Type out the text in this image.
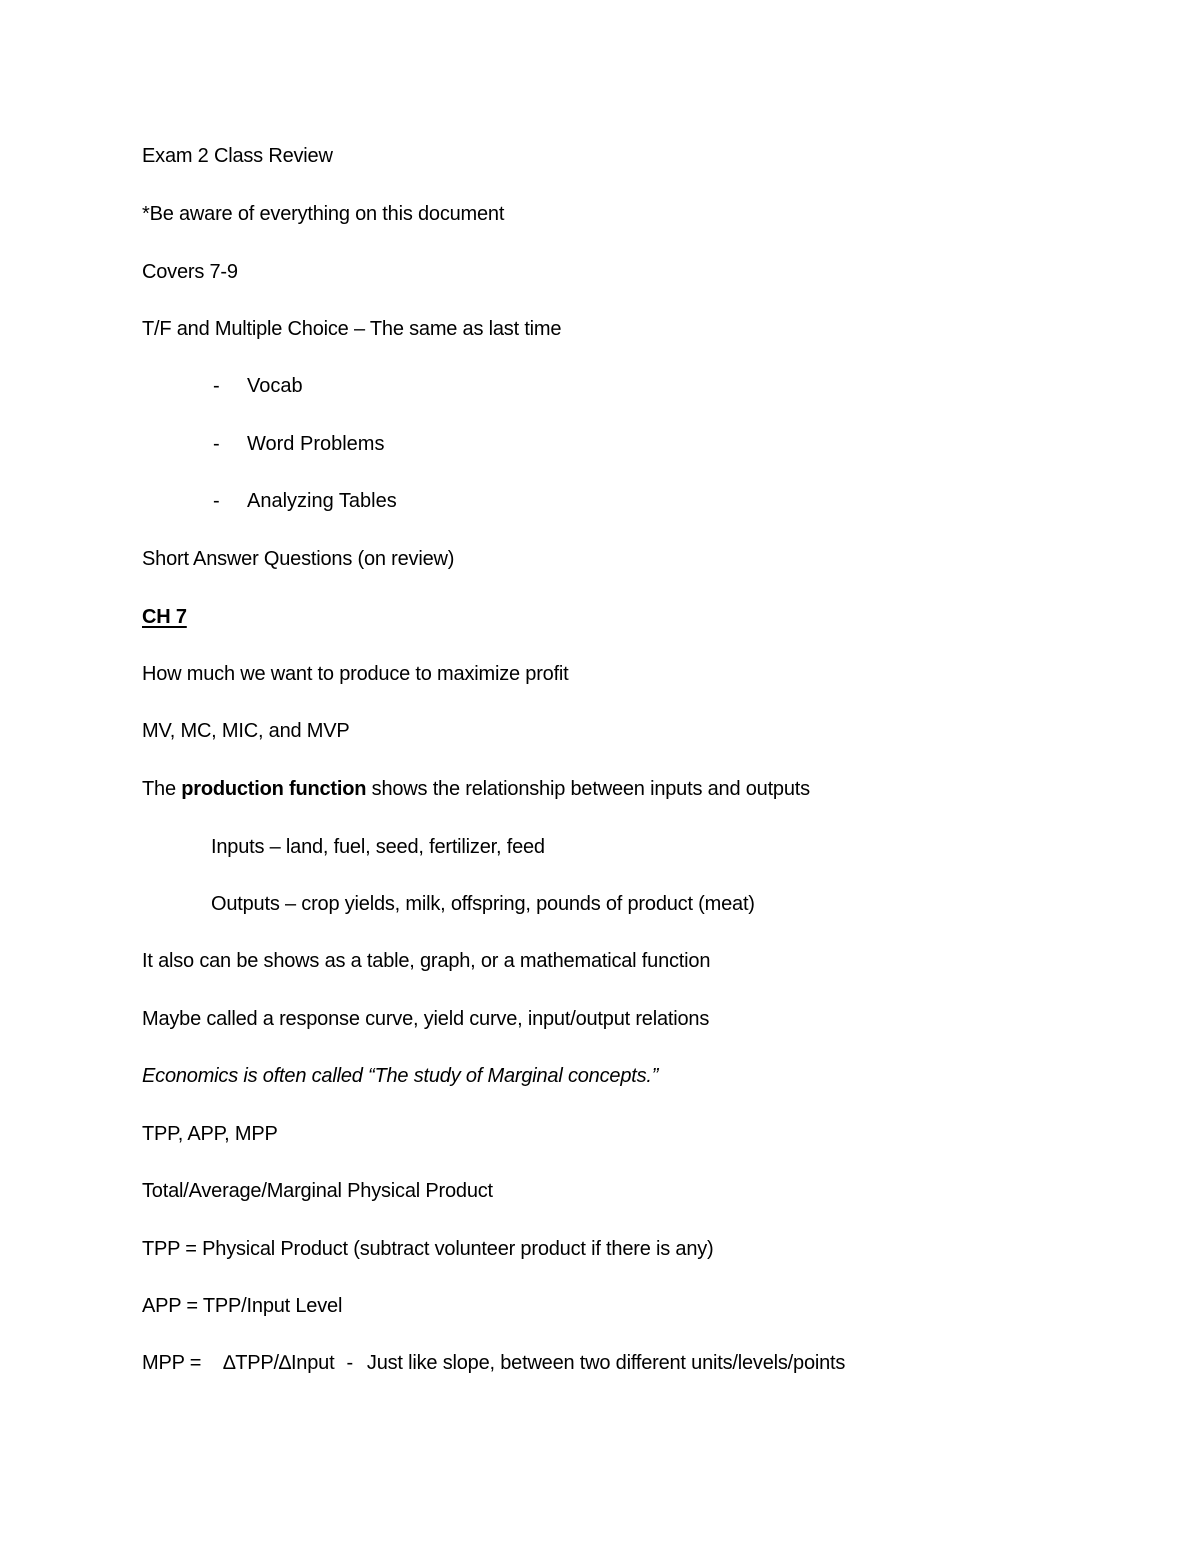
Exam 2 Class Review
*Be aware of everything on this document
Covers 7-9
T/F and Multiple Choice – The same as last time
- Vocab
- Word Problems
- Analyzing Tables
Short Answer Questions (on review)
CH 7
How much we want to produce to maximize profit
MV, MC, MIC, and MVP
The production function shows the relationship between inputs and outputs
Inputs – land, fuel, seed, fertilizer, feed
Outputs – crop yields, milk, offspring, pounds of product (meat)
It also can be shows as a table, graph, or a mathematical function
Maybe called a response curve, yield curve, input/output relations
Economics is often called “The study of Marginal concepts.”
TPP, APP, MPP
Total/Average/Marginal Physical Product
TPP = Physical Product (subtract volunteer product if there is any)
APP = TPP/Input Level
MPP = ∆TPP/∆Input - Just like slope, between two different units/levels/points
